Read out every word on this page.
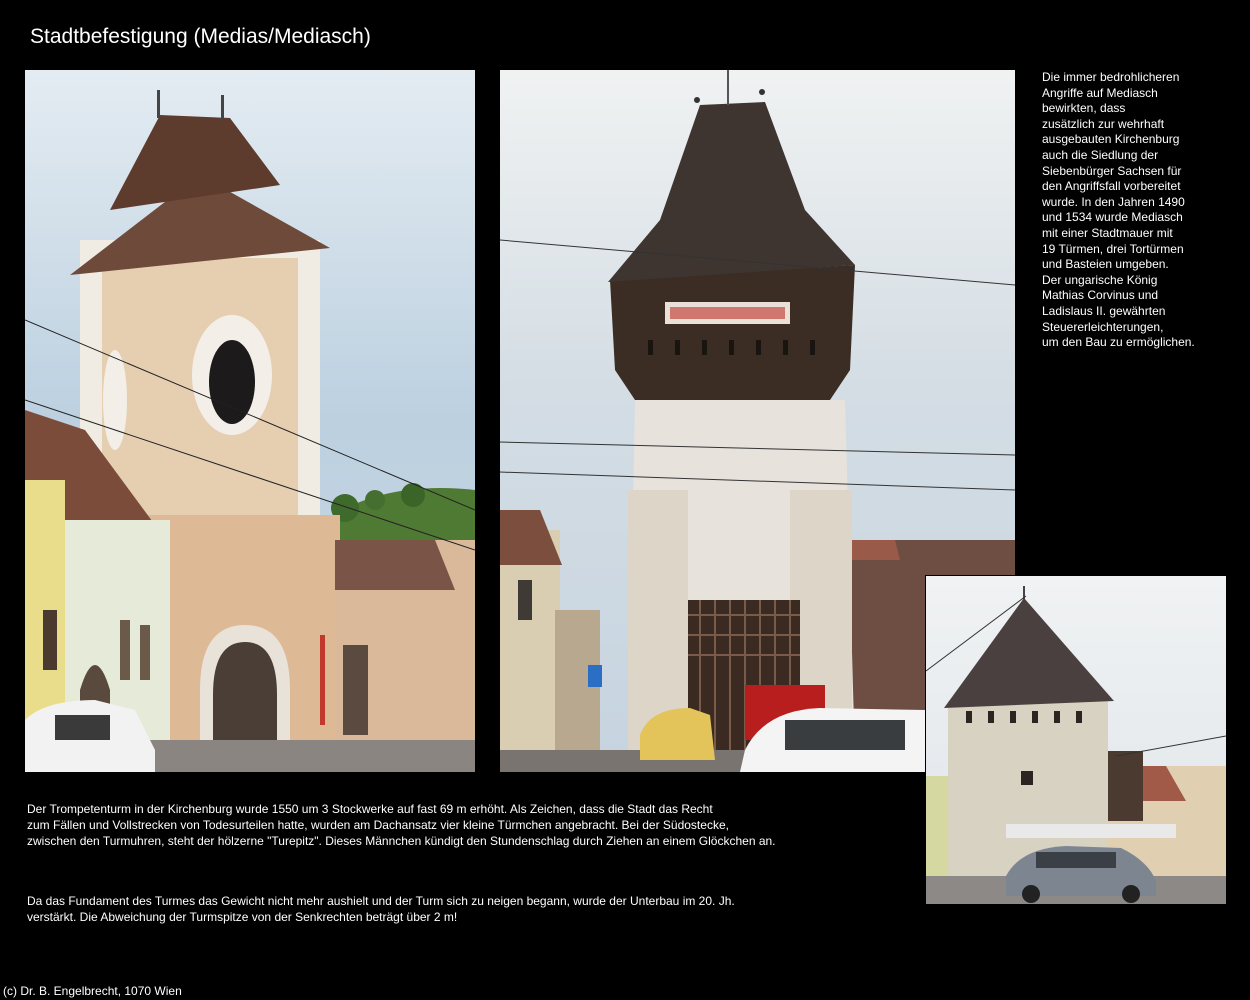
Stadtbefestigung (Medias/Mediasch)
Die immer bedrohlicheren
Angriffe auf Mediasch
bewirkten, dass
zusätzlich zur wehrhaft
ausgebauten Kirchenburg
auch die Siedlung der
Siebenbürger Sachsen für
den Angriffsfall vorbereitet
wurde. In den Jahren 1490
und 1534 wurde Mediasch
mit einer Stadtmauer mit
19 Türmen, drei Tortürmen
und Basteien umgeben.
Der ungarische König
Mathias Corvinus und
Ladislaus II. gewährten
Steuererleichterungen,
um den Bau zu ermöglichen.

Der Trompetenturm in der Kirchenburg wurde 1550 um 3 Stockwerke auf fast 69 m erhöht. Als Zeichen, dass die Stadt das Recht
zum Fällen und Vollstrecken von Todesurteilen hatte, wurden am Dachansatz vier kleine Türmchen angebracht. Bei der Südostecke,
zwischen den Turmuhren, steht der hölzerne "Turepitz". Dieses Männchen kündigt den Stundenschlag durch Ziehen an einem Glöckchen an.

Da das Fundament des Turmes das Gewicht nicht mehr aushielt und der Turm sich zu neigen begann, wurde der Unterbau im 20. Jh.
verstärkt. Die Abweichung der Turmspitze von der Senkrechten beträgt über 2 m!

(c) Dr. B. Engelbrecht, 1070 Wien
